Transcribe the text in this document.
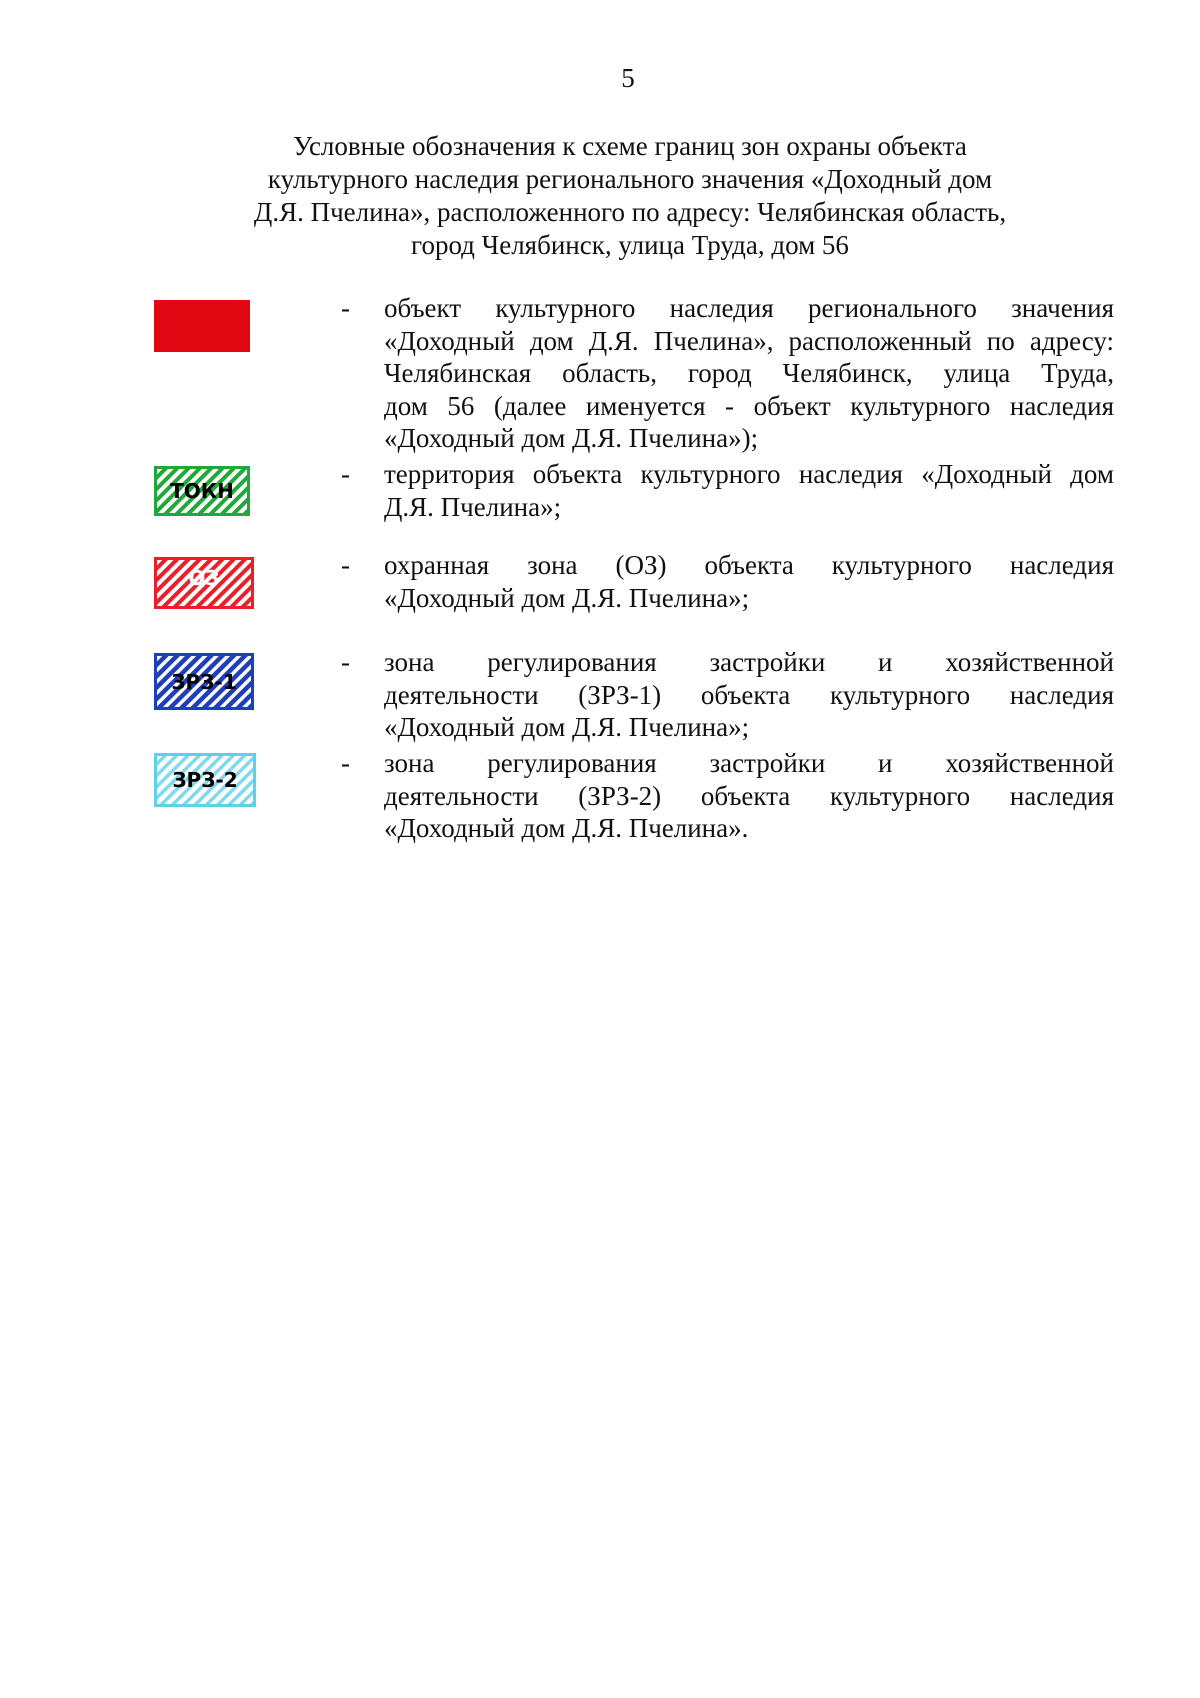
5
Условные обозначения к схеме границ зон охраны объекта
культурного наследия регионального значения «Доходный дом
Д.Я. Пчелина», расположенного по адресу: Челябинская область,
город Челябинск, улица Труда, дом 56
- объект культурного наследия регионального значения
«Доходный дом Д.Я. Пчелина», расположенный по адресу:
Челябинская область, город Челябинск, улица Труда,
дом 56 (далее именуется - объект культурного наследия
«Доходный дом Д.Я. Пчелина»);
ТОКН
- территория объекта культурного наследия «Доходный дом
Д.Я. Пчелина»;
ОЗ	- охранная зона (ОЗ) объекта культурного наследия
«Доходный дом Д.Я. Пчелина»;
ЗРЗ-1
- зона регулирования застройки и хозяйственной
деятельности (ЗРЗ-1) объекта культурного наследия
«Доходный дом Д.Я. Пчелина»;
ЗРЗ-2
- зона регулирования застройки и хозяйственной
деятельности (ЗРЗ-2) объекта культурного наследия
«Доходный дом Д.Я. Пчелина».
